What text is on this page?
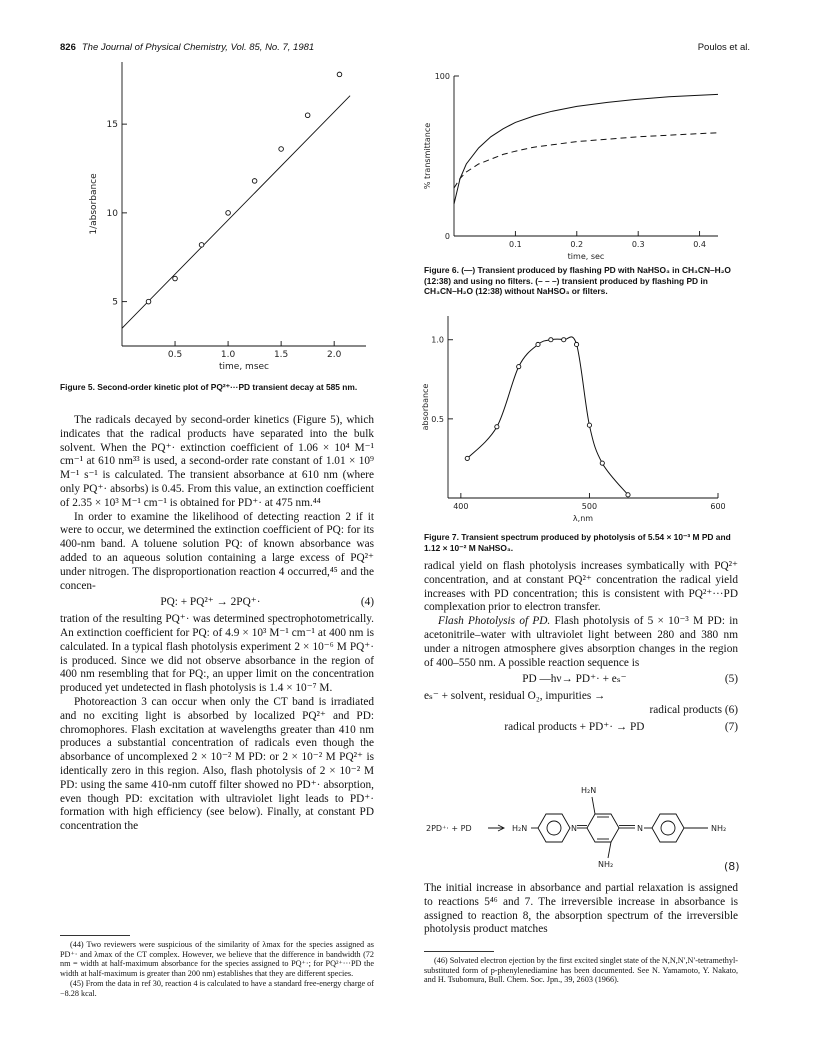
826 The Journal of Physical Chemistry, Vol. 85, No. 7, 1981	Poulos et al.
0.5	1.0	1.5	2.0
5
10
15
time, msec
1/absorbance
Figure 5. Second-order kinetic plot of PQ²⁺···PD transient decay at 585 nm.
0.1	0.2	0.3	0.4
0
100
time, sec
% transmittance
Figure 6. (—) Transient produced by flashing PD with NaHSO₃ in CH₃CN–H₂O (12:38) and using no filters. (– – –) transient produced by flashing PD in CH₃CN–H₂O (12:38) without NaHSO₃ or filters.
400	500	600
0.5
1.0
λ,nm
absorbance
Figure 7. Transient spectrum produced by photolysis of 5.54 × 10⁻³ M PD and 1.12 × 10⁻² M NaHSO₃.

The radicals decayed by second-order kinetics (Figure 5), which indicates that the radical products have separated into the bulk solvent. When the PQ⁺· extinction coefficient of 1.06 × 10⁴ M⁻¹ cm⁻¹ at 610 nm³³ is used, a second-order rate constant of 1.01 × 10⁹ M⁻¹ s⁻¹ is calculated. The transient absorbance at 610 nm (where only PQ⁺· absorbs) is 0.45. From this value, an extinction coefficient of 2.35 × 10³ M⁻¹ cm⁻¹ is obtained for PD⁺· at 475 nm.⁴⁴

In order to examine the likelihood of detecting reaction 2 if it were to occur, we determined the extinction coefficient of PQ: for its 400-nm band. A toluene solution PQ: of known absorbance was added to an aqueous solution containing a large excess of PQ²⁺ under nitrogen. The disproportionation reaction 4 occurred,⁴⁵ and the concen-

PQ: + PQ²⁺ → 2PQ⁺·	(4)

tration of the resulting PQ⁺· was determined spectrophotometrically. An extinction coefficient for PQ: of 4.9 × 10³ M⁻¹ cm⁻¹ at 400 nm is calculated. In a typical flash photolysis experiment 2 × 10⁻⁶ M PQ⁺· is produced. Since we did not observe absorbance in the region of 400 nm resembling that for PQ:, an upper limit on the concentration produced yet undetected in flash photolysis is 1.4 × 10⁻⁷ M.

Photoreaction 3 can occur when only the CT band is irradiated and no exciting light is absorbed by localized PQ²⁺ and PD: chromophores. Flash excitation at wavelengths greater than 410 nm produces a substantial concentration of radicals even though the absorbance of uncomplexed 2 × 10⁻² M PD: or 2 × 10⁻² M PQ²⁺ is identically zero in this region. Also, flash photolysis of 2 × 10⁻² M PD: using the same 410-nm cutoff filter showed no PD⁺· absorption, even though PD: excitation with ultraviolet light leads to PD⁺· formation with high efficiency (see below). Finally, at constant PD concentration the

(44) Two reviewers were suspicious of the similarity of λmax for the species assigned as PD⁺· and λmax of the CT complex. However, we believe that the difference in bandwidth (72 nm = width at half-maximum absorbance for the species assigned to PQ⁺·; for PQ²⁺···PD the width at half-maximum is greater than 200 nm) establishes that they are different species.

(45) From the data in ref 30, reaction 4 is calculated to have a standard free-energy charge of −8.28 kcal.

radical yield on flash photolysis increases symbatically with PQ²⁺ concentration, and at constant PQ²⁺ concentration the radical yield increases with PD concentration; this is consistent with PQ²⁺···PD complexation prior to electron transfer.

Flash Photolysis of PD. Flash photolysis of 5 × 10⁻³ M PD: in acetonitrile–water with ultraviolet light between 280 and 380 nm under a nitrogen atmosphere gives absorption changes in the region of 400–550 nm. A possible reaction sequence is

PD —hν→ PD⁺· + eₛ⁻	(5)
eₛ⁻ + solvent, residual O₂, impurities →
radical products (6)
radical products + PD⁺· → PD	(7)
2PD⁺· + PD
H₂N
H₂N	N	N	NH₂
NH₂	(8)

The initial increase in absorbance and partial relaxation is assigned to reactions 5⁴⁶ and 7. The irreversible increase in absorbance is assigned to reaction 8, the absorption spectrum of the irreversible photolysis product matches

(46) Solvated electron ejection by the first excited singlet state of the N,N,N′,N′-tetramethyl-substituted form of p-phenylenediamine has been documented. See N. Yamamoto, Y. Nakato, and H. Tsubomura, Bull. Chem. Soc. Jpn., 39, 2603 (1966).
